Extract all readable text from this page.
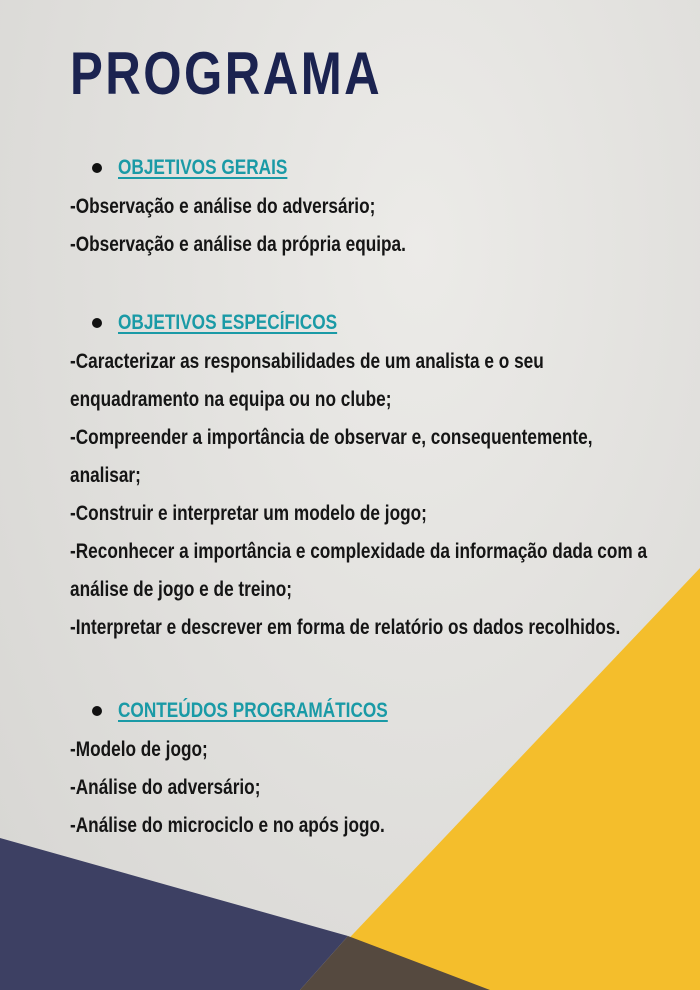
PROGRAMA
OBJETIVOS GERAIS
-Observação e análise do adversário;
-Observação e análise da própria equipa.
OBJETIVOS ESPECÍFICOS
-Caracterizar as responsabilidades de um analista e o seu
enquadramento na equipa ou no clube;
-Compreender a importância de observar e, consequentemente,
analisar;
-Construir e interpretar um modelo de jogo;
-Reconhecer a importância e complexidade da informação dada com a
análise de jogo e de treino;
-Interpretar e descrever em forma de relatório os dados recolhidos.
CONTEÚDOS PROGRAMÁTICOS
-Modelo de jogo;
-Análise do adversário;
-Análise do microciclo e no após jogo.
